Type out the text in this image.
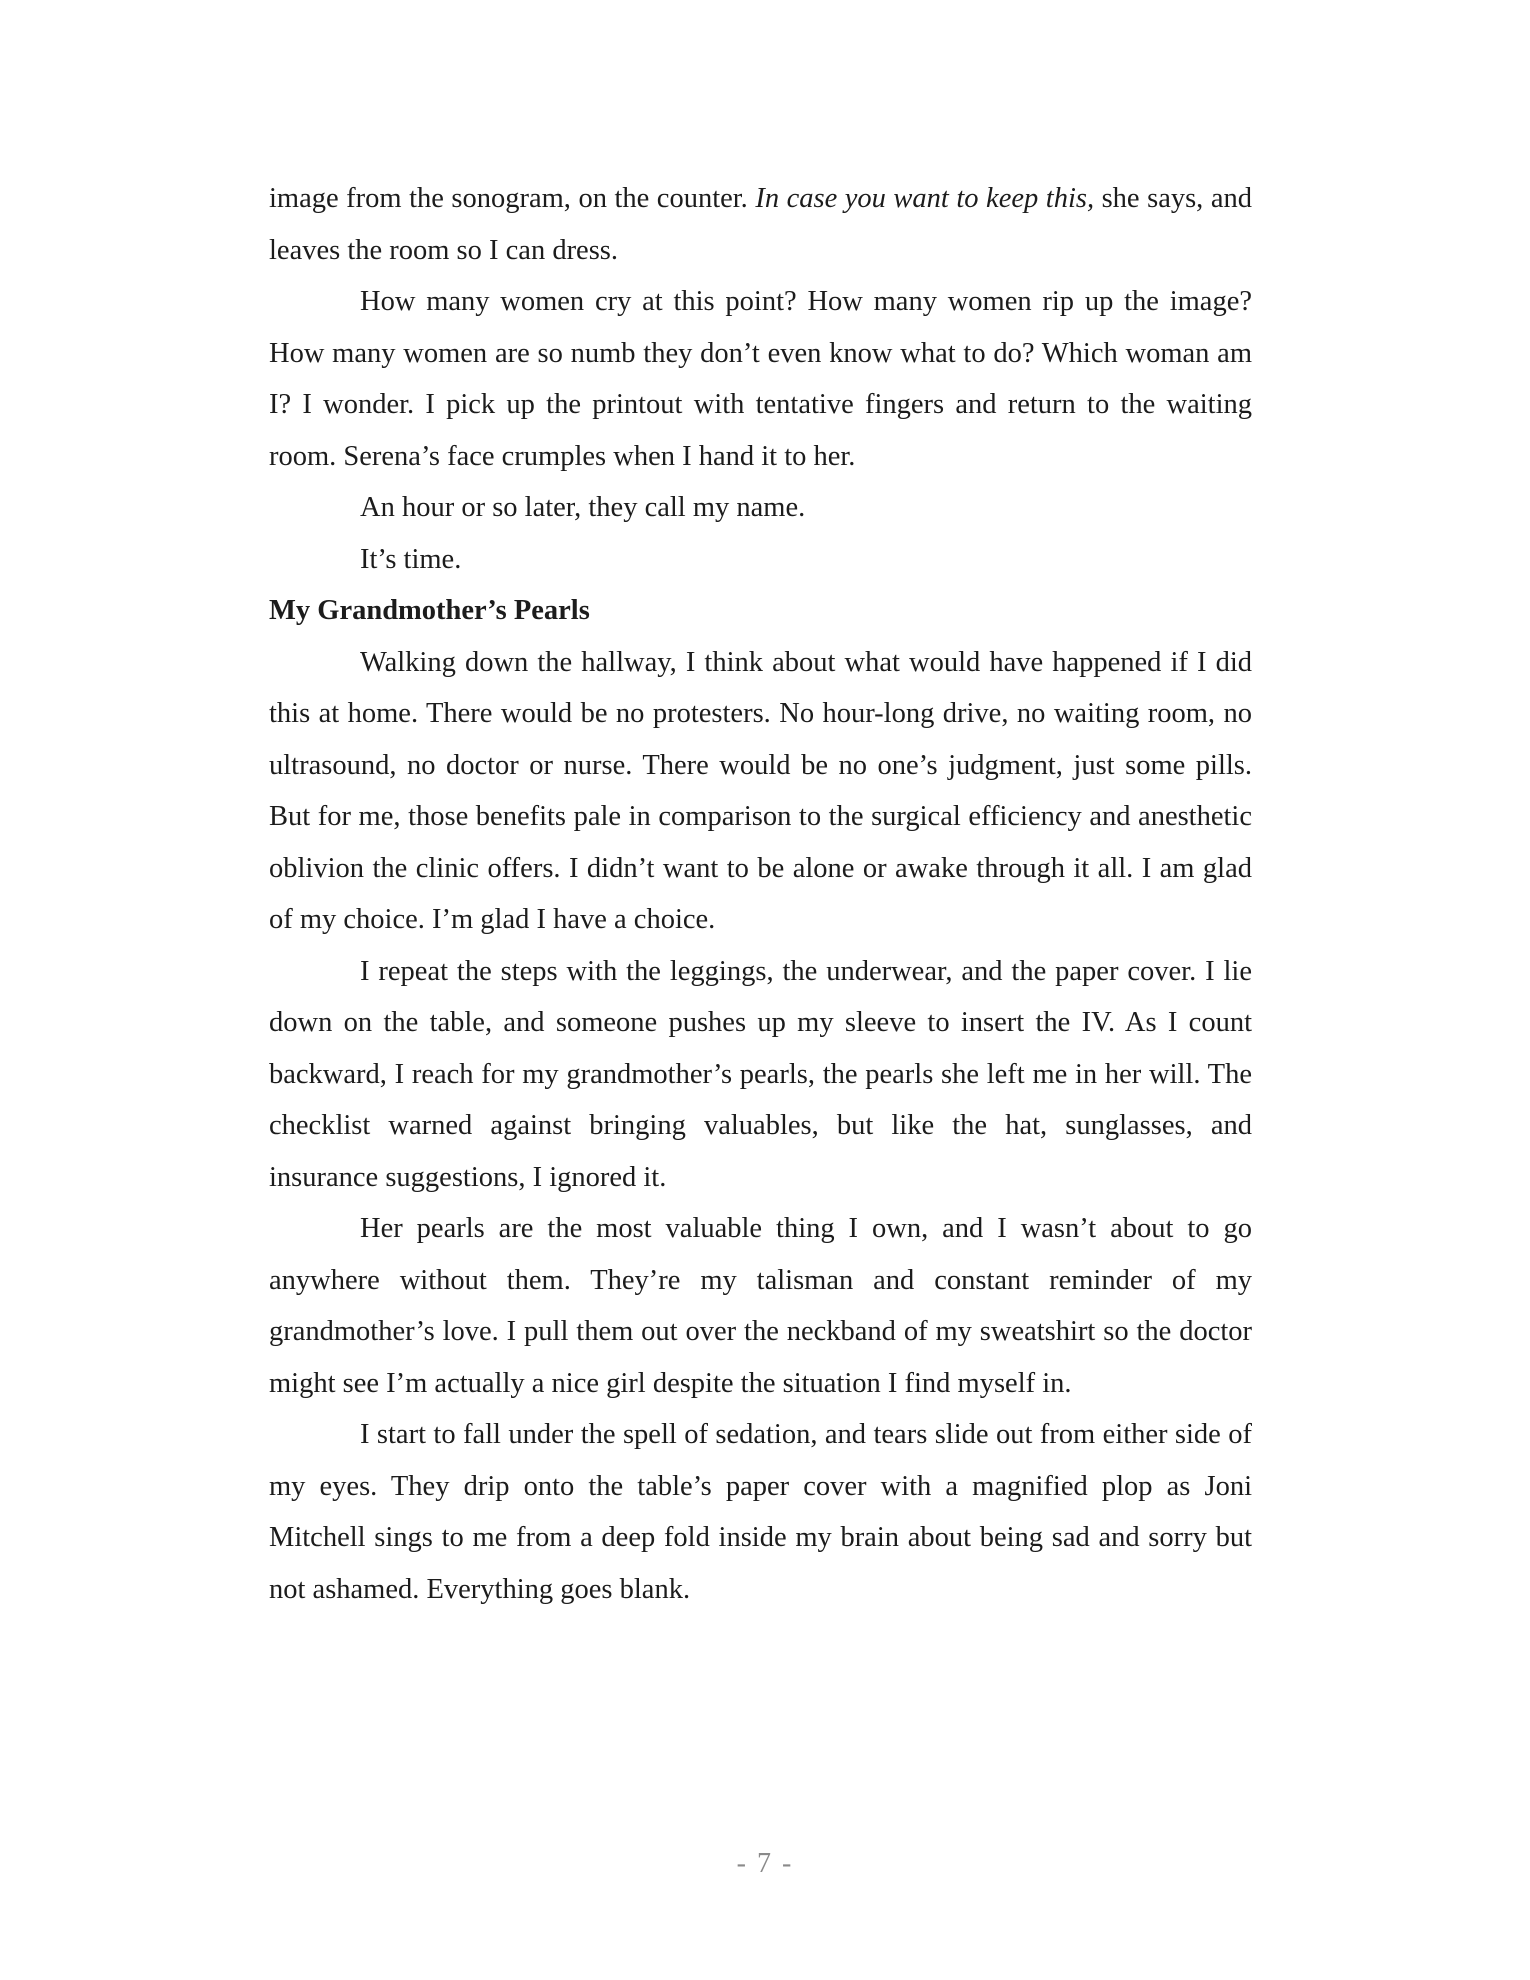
image from the sonogram, on the counter. In case you want to keep this, she says, and leaves the room so I can dress.

How many women cry at this point? How many women rip up the image? How many women are so numb they don’t even know what to do? Which woman am I? I wonder. I pick up the printout with tentative fingers and return to the waiting room. Serena’s face crumples when I hand it to her.

An hour or so later, they call my name.

It’s time.

My Grandmother’s Pearls

Walking down the hallway, I think about what would have happened if I did this at home. There would be no protesters. No hour-long drive, no waiting room, no ultrasound, no doctor or nurse. There would be no one’s judgment, just some pills. But for me, those benefits pale in comparison to the surgical efficiency and anesthetic oblivion the clinic offers. I didn’t want to be alone or awake through it all. I am glad of my choice. I’m glad I have a choice.

I repeat the steps with the leggings, the underwear, and the paper cover. I lie down on the table, and someone pushes up my sleeve to insert the IV. As I count backward, I reach for my grandmother’s pearls, the pearls she left me in her will. The checklist warned against bringing valuables, but like the hat, sunglasses, and insurance suggestions, I ignored it.

Her pearls are the most valuable thing I own, and I wasn’t about to go anywhere without them. They’re my talisman and constant reminder of my grandmother’s love. I pull them out over the neckband of my sweatshirt so the doctor might see I’m actually a nice girl despite the situation I find myself in.

I start to fall under the spell of sedation, and tears slide out from either side of my eyes. They drip onto the table’s paper cover with a magnified plop as Joni Mitchell sings to me from a deep fold inside my brain about being sad and sorry but not ashamed. Everything goes blank.

- 7 -
